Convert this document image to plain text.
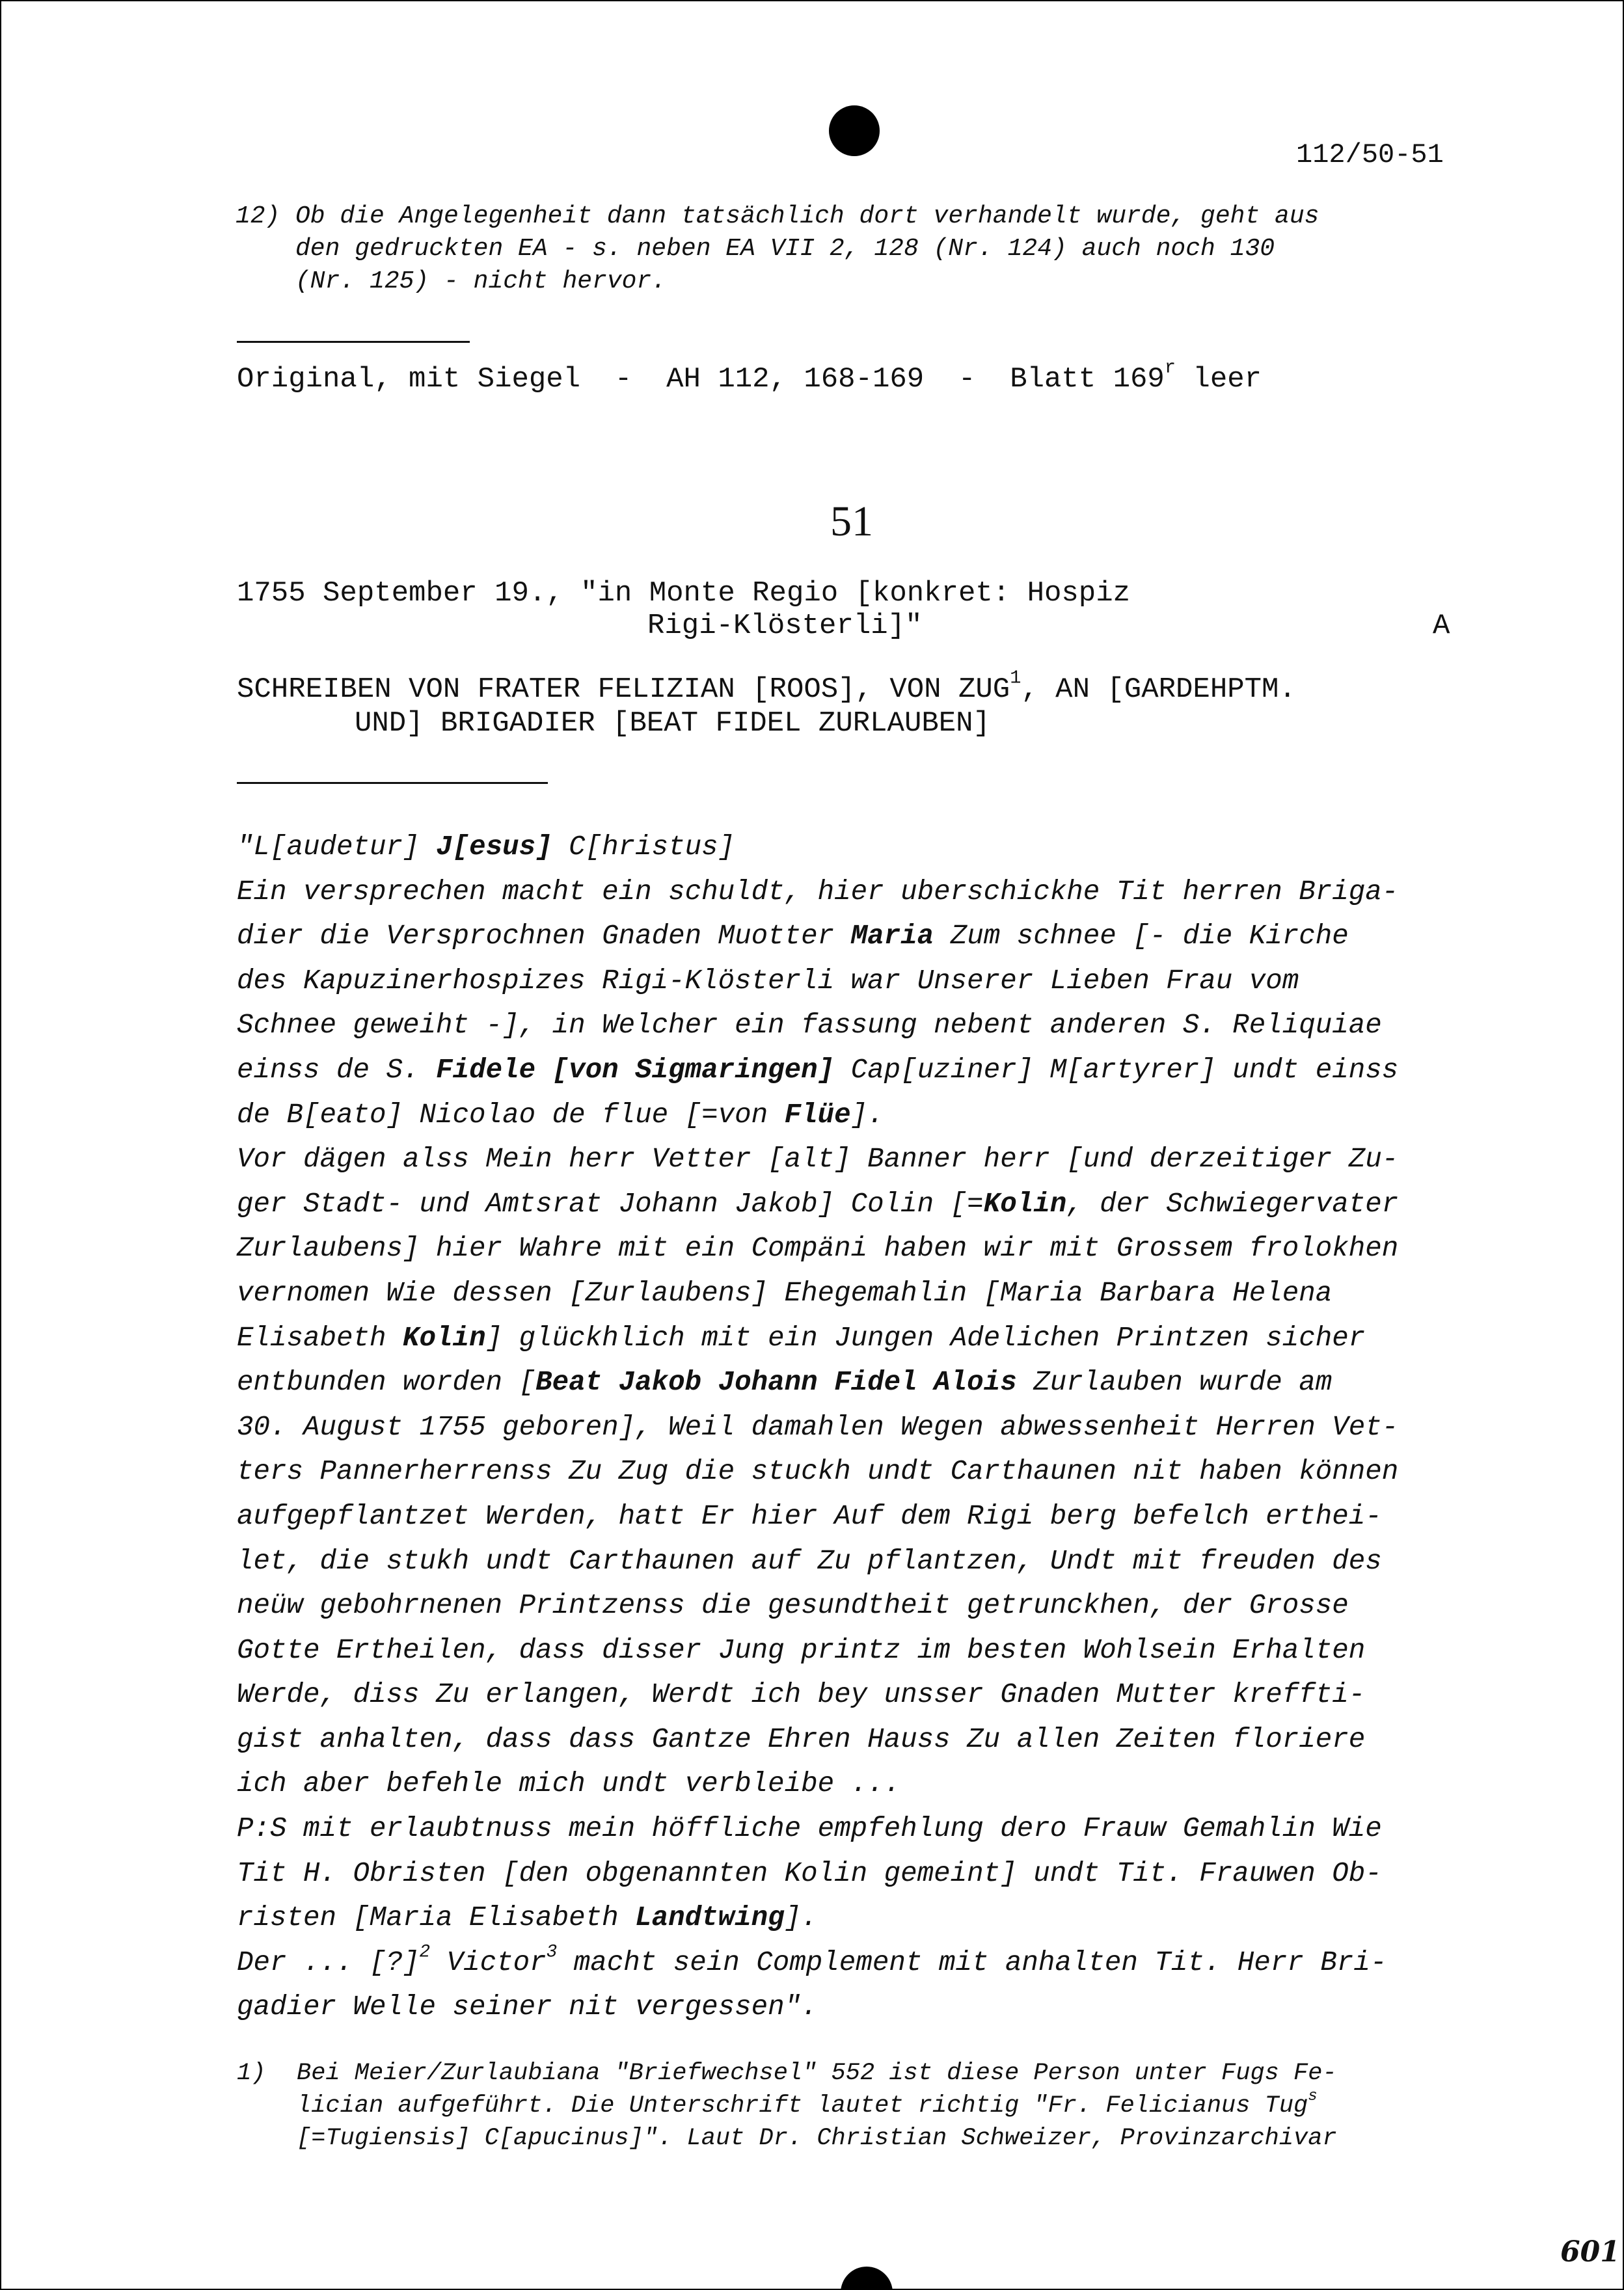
112/50-51
12) Ob die Angelegenheit dann tatsächlich dort verhandelt wurde, geht aus
den gedruckten EA - s. neben EA VII 2, 128 (Nr. 124) auch noch 130
(Nr. 125) - nicht hervor.
Original, mit Siegel  -  AH 112, 168-169  -  Blatt 169$^r$ leer
51
1755 September 19., "in Monte Regio [konkret: Hospiz
Rigi-Klösterli]"	A
SCHREIBEN VON FRATER FELIZIAN [ROOS], VON ZUG$^1$, AN [GARDEHPTM.
UND] BRIGADIER [BEAT FIDEL ZURLAUBEN]
"L[audetur] J[esus] C[hristus]
Ein versprechen macht ein schuldt, hier uberschickhe Tit herren Briga-
dier die Versprochnen Gnaden Muotter Maria Zum schnee [- die Kirche
des Kapuzinerhospizes Rigi-Klösterli war Unserer Lieben Frau vom
Schnee geweiht -], in Welcher ein fassung nebent anderen S. Reliquiae
einss de S. Fidele [von Sigmaringen] Cap[uziner] M[artyrer] undt einss
de B[eato] Nicolao de flue [=von Flüe].
Vor dägen alss Mein herr Vetter [alt] Banner herr [und derzeitiger Zu-
ger Stadt- und Amtsrat Johann Jakob] Colin [=Kolin, der Schwiegervater
Zurlaubens] hier Wahre mit ein Compäni haben wir mit Grossem frolokhen
vernomen Wie dessen [Zurlaubens] Ehegemahlin [Maria Barbara Helena
Elisabeth Kolin] glückhlich mit ein Jungen Adelichen Printzen sicher
entbunden worden [Beat Jakob Johann Fidel Alois Zurlauben wurde am
30. August 1755 geboren], Weil damahlen Wegen abwessenheit Herren Vet-
ters Pannerherrenss Zu Zug die stuckh undt Carthaunen nit haben können
aufgepflantzet Werden, hatt Er hier Auf dem Rigi berg befelch erthei-
let, die stukh undt Carthaunen auf Zu pflantzen, Undt mit freuden des
neüw gebohrnenen Printzenss die gesundtheit getrunckhen, der Grosse
Gotte Ertheilen, dass disser Jung printz im besten Wohlsein Erhalten
Werde, diss Zu erlangen, Werdt ich bey unsser Gnaden Mutter kreffti-
gist anhalten, dass dass Gantze Ehren Hauss Zu allen Zeiten floriere
ich aber befehle mich undt verbleibe ...
P:S mit erlaubtnuss mein höffliche empfehlung dero Frauw Gemahlin Wie
Tit H. Obristen [den obgenannten Kolin gemeint] undt Tit. Frauwen Ob-
risten [Maria Elisabeth Landtwing].
Der ... [?]$^2$ Victor$^3$ macht sein Complement mit anhalten Tit. Herr Bri-
gadier Welle seiner nit vergessen".
1) Bei Meier/Zurlaubiana "Briefwechsel" 552 ist diese Person unter Fugs Fe-
lician aufgeführt. Die Unterschrift lautet richtig "Fr. Felicianus Tug$^s$
[=Tugiensis] C[apucinus]". Laut Dr. Christian Schweizer, Provinzarchivar
601
